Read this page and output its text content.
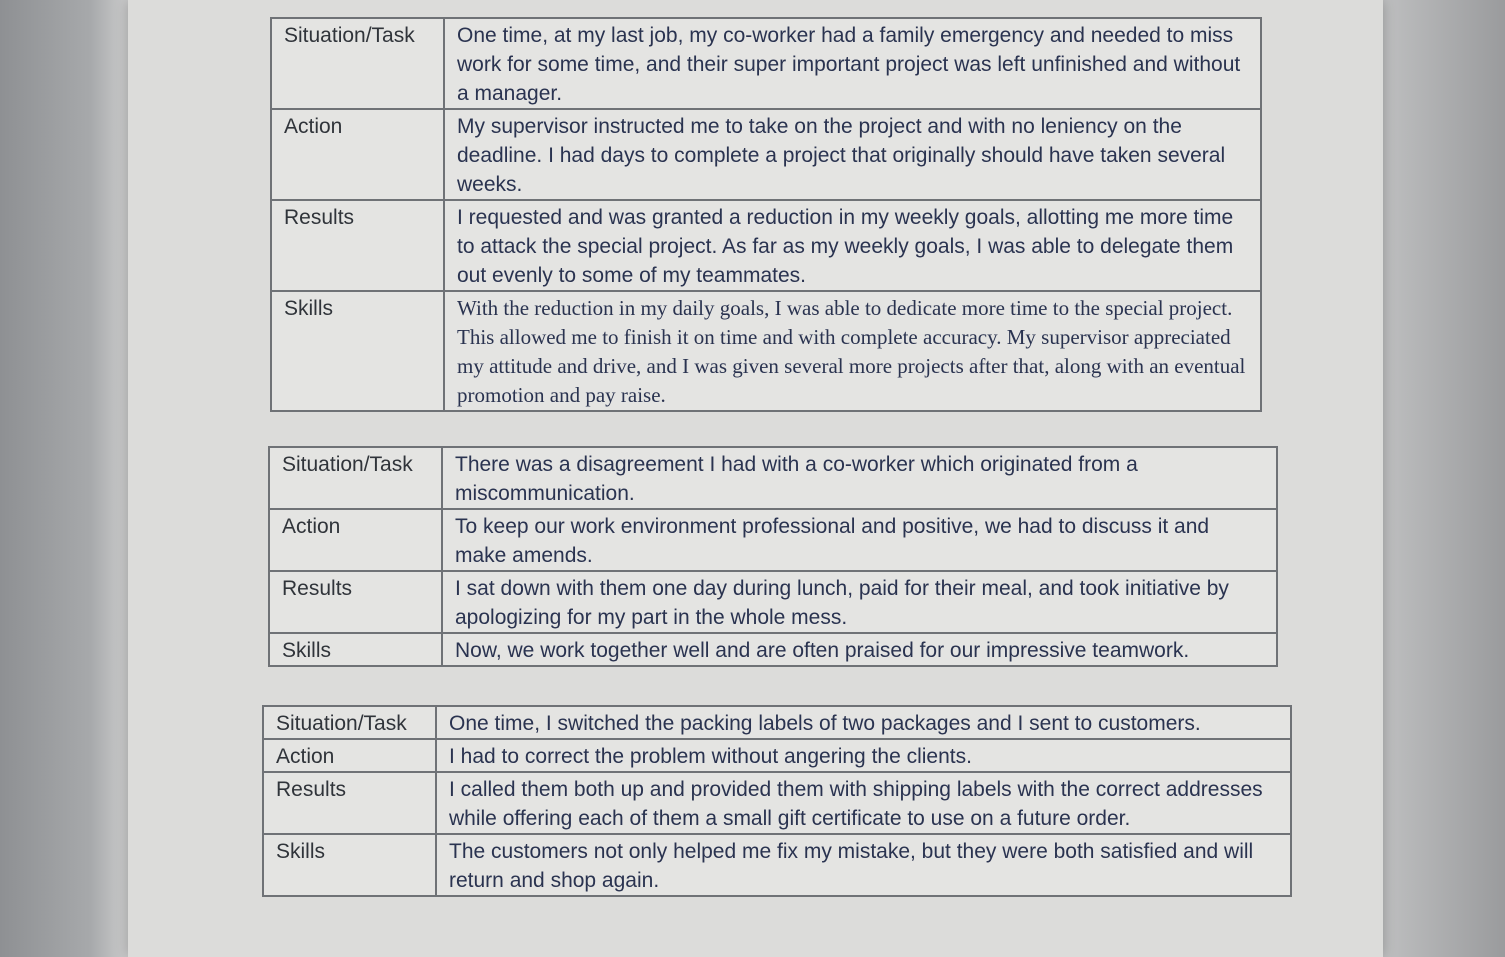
Situation/Task	One time, at my last job, my co-worker had a family emergency and needed to miss work for some time, and their super important project was left unfinished and without a manager.
Action	My supervisor instructed me to take on the project and with no leniency on the deadline. I had days to complete a project that originally should have taken several weeks.
Results	I requested and was granted a reduction in my weekly goals, allotting me more time to attack the special project. As far as my weekly goals, I was able to delegate them out evenly to some of my teammates.
Skills	With the reduction in my daily goals, I was able to dedicate more time to the special project. This allowed me to finish it on time and with complete accuracy. My supervisor appreciated my attitude and drive, and I was given several more projects after that, along with an eventual promotion and pay raise.
Situation/Task	There was a disagreement I had with a co-worker which originated from a miscommunication.
Action	To keep our work environment professional and positive, we had to discuss it and make amends.
Results	I sat down with them one day during lunch, paid for their meal, and took initiative by apologizing for my part in the whole mess.
Skills	Now, we work together well and are often praised for our impressive teamwork.
Situation/Task	One time, I switched the packing labels of two packages and I sent to customers.
Action	I had to correct the problem without angering the clients.
Results	I called them both up and provided them with shipping labels with the correct addresses while offering each of them a small gift certificate to use on a future order.
Skills	The customers not only helped me fix my mistake, but they were both satisfied and will return and shop again.
